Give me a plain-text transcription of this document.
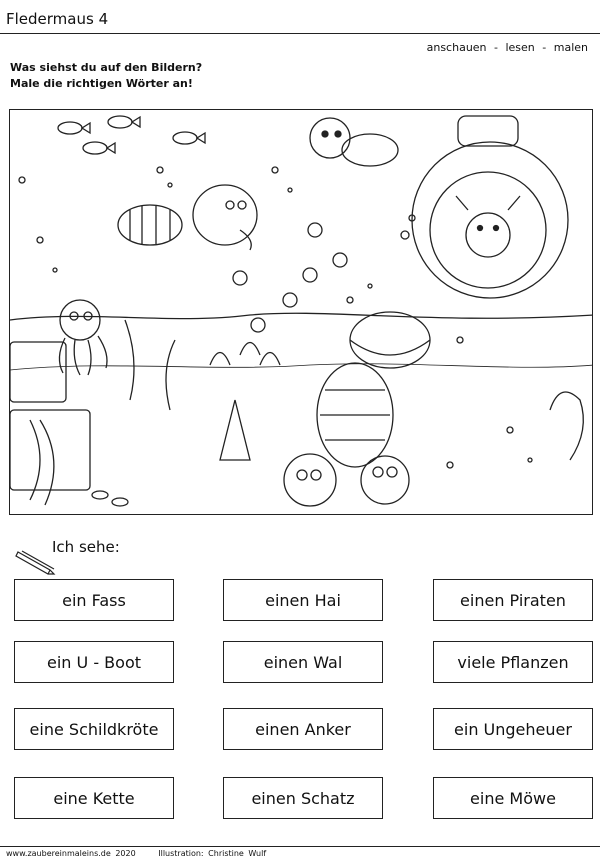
Fledermaus 4
anschauen - lesen - malen
Was siehst du auf den Bildern?
Male die richtigen Wörter an!
Ich sehe:
ein Fass	einen Hai	einen Piraten
ein U - Boot	einen Wal	viele Pflanzen
eine Schildkröte	einen Anker	ein Ungeheuer
eine Kette	einen Schatz	eine Möwe
www.zaubereinmaleins.de 2020	Illustration: Christine Wulf
